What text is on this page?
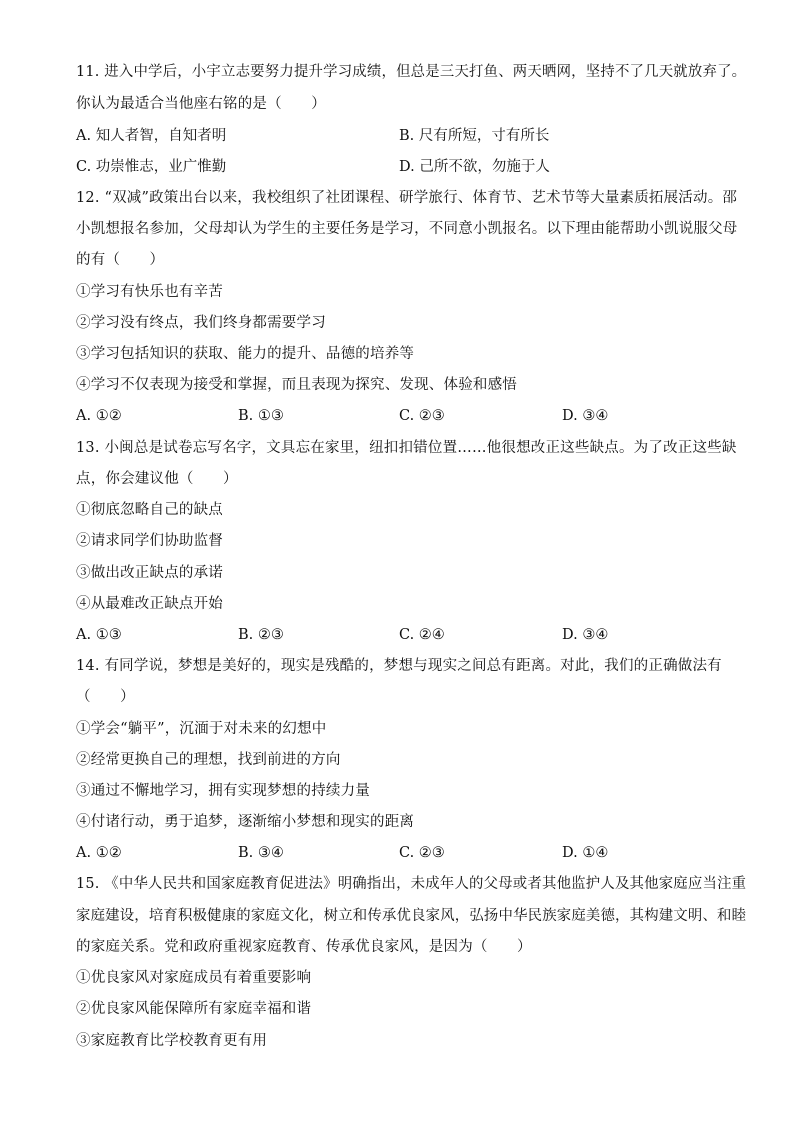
11. 进入中学后，小宇立志要努力提升学习成绩，但总是三天打鱼、两天晒网，坚持不了几天就放弃了。
你认为最适合当他座右铭的是（　　）
A. 知人者智，自知者明	B. 尺有所短，寸有所长
C. 功崇惟志，业广惟勤	D. 己所不欲，勿施于人
12. “双减”政策出台以来，我校组织了社团课程、研学旅行、体育节、艺术节等大量素质拓展活动。邵
小凯想报名参加，父母却认为学生的主要任务是学习，不同意小凯报名。以下理由能帮助小凯说服父母
的有（　　）
①学习有快乐也有辛苦
②学习没有终点，我们终身都需要学习
③学习包括知识的获取、能力的提升、品德的培养等
④学习不仅表现为接受和掌握，而且表现为探究、发现、体验和感悟
A. ①②	B. ①③	C. ②③	D. ③④
13. 小闽总是试卷忘写名字，文具忘在家里，纽扣扣错位置……他很想改正这些缺点。为了改正这些缺
点，你会建议他（　　）
①彻底忽略自己的缺点
②请求同学们协助监督
③做出改正缺点的承诺
④从最难改正缺点开始
A. ①③	B. ②③	C. ②④	D. ③④
14. 有同学说，梦想是美好的，现实是残酷的，梦想与现实之间总有距离。对此，我们的正确做法有
（　　）
①学会“躺平”，沉湎于对未来的幻想中
②经常更换自己的理想，找到前进的方向
③通过不懈地学习，拥有实现梦想的持续力量
④付诸行动，勇于追梦，逐渐缩小梦想和现实的距离
A. ①②	B. ③④	C. ②③	D. ①④
15. 《中华人民共和国家庭教育促进法》明确指出，未成年人的父母或者其他监护人及其他家庭应当注重
家庭建设，培育积极健康的家庭文化，树立和传承优良家风，弘扬中华民族家庭美德，其构建文明、和睦
的家庭关系。党和政府重视家庭教育、传承优良家风，是因为（　　）
①优良家风对家庭成员有着重要影响
②优良家风能保障所有家庭幸福和谐
③家庭教育比学校教育更有用
